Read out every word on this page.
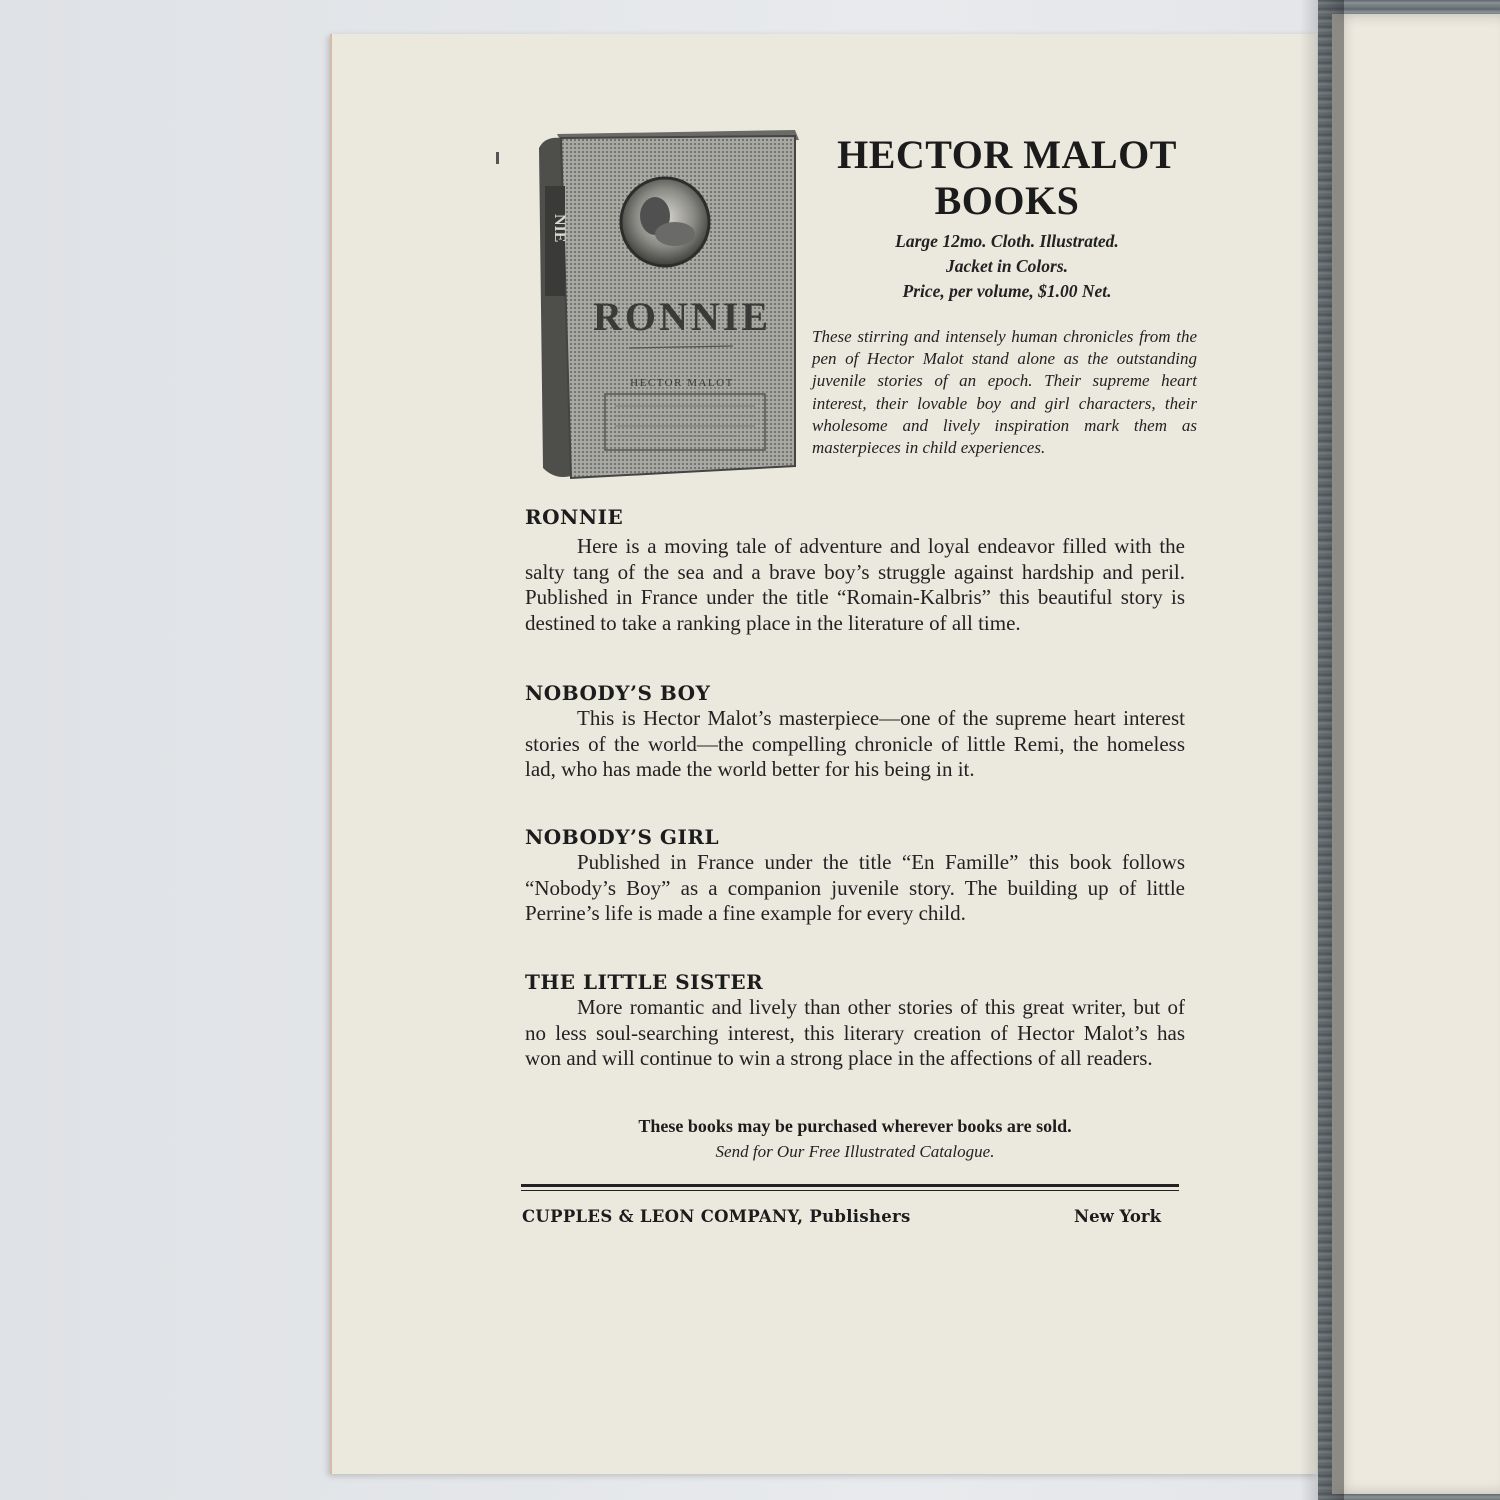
NIE
RONNIE
HECTOR MALOT
HECTOR MALOT
BOOKS
Large 12mo. Cloth. Illustrated.
Jacket in Colors.
Price, per volume, $1.00 Net.
These stirring and intensely human chronicles from the pen of Hector Malot stand alone as the outstanding juvenile stories of an epoch. Their supreme heart interest, their lovable boy and girl characters, their wholesome and lively inspiration mark them as masterpieces in child experiences.
RONNIE
Here is a moving tale of adventure and loyal endeavor filled with the salty tang of the sea and a brave boy’s struggle against hardship and peril. Published in France under the title “Romain-Kalbris” this beautiful story is destined to take a ranking place in the literature of all time.
NOBODY’S BOY
This is Hector Malot’s masterpiece—one of the supreme heart interest stories of the world—the compelling chronicle of little Remi, the homeless lad, who has made the world better for his being in it.
NOBODY’S GIRL
Published in France under the title “En Famille” this book follows “Nobody’s Boy” as a companion juvenile story. The building up of little Perrine’s life is made a fine example for every child.
THE LITTLE SISTER
More romantic and lively than other stories of this great writer, but of no less soul-searching interest, this literary creation of Hector Malot’s has won and will continue to win a strong place in the affections of all readers.
These books may be purchased wherever books are sold.
Send for Our Free Illustrated Catalogue.
CUPPLES & LEON COMPANY, Publishers	New York
